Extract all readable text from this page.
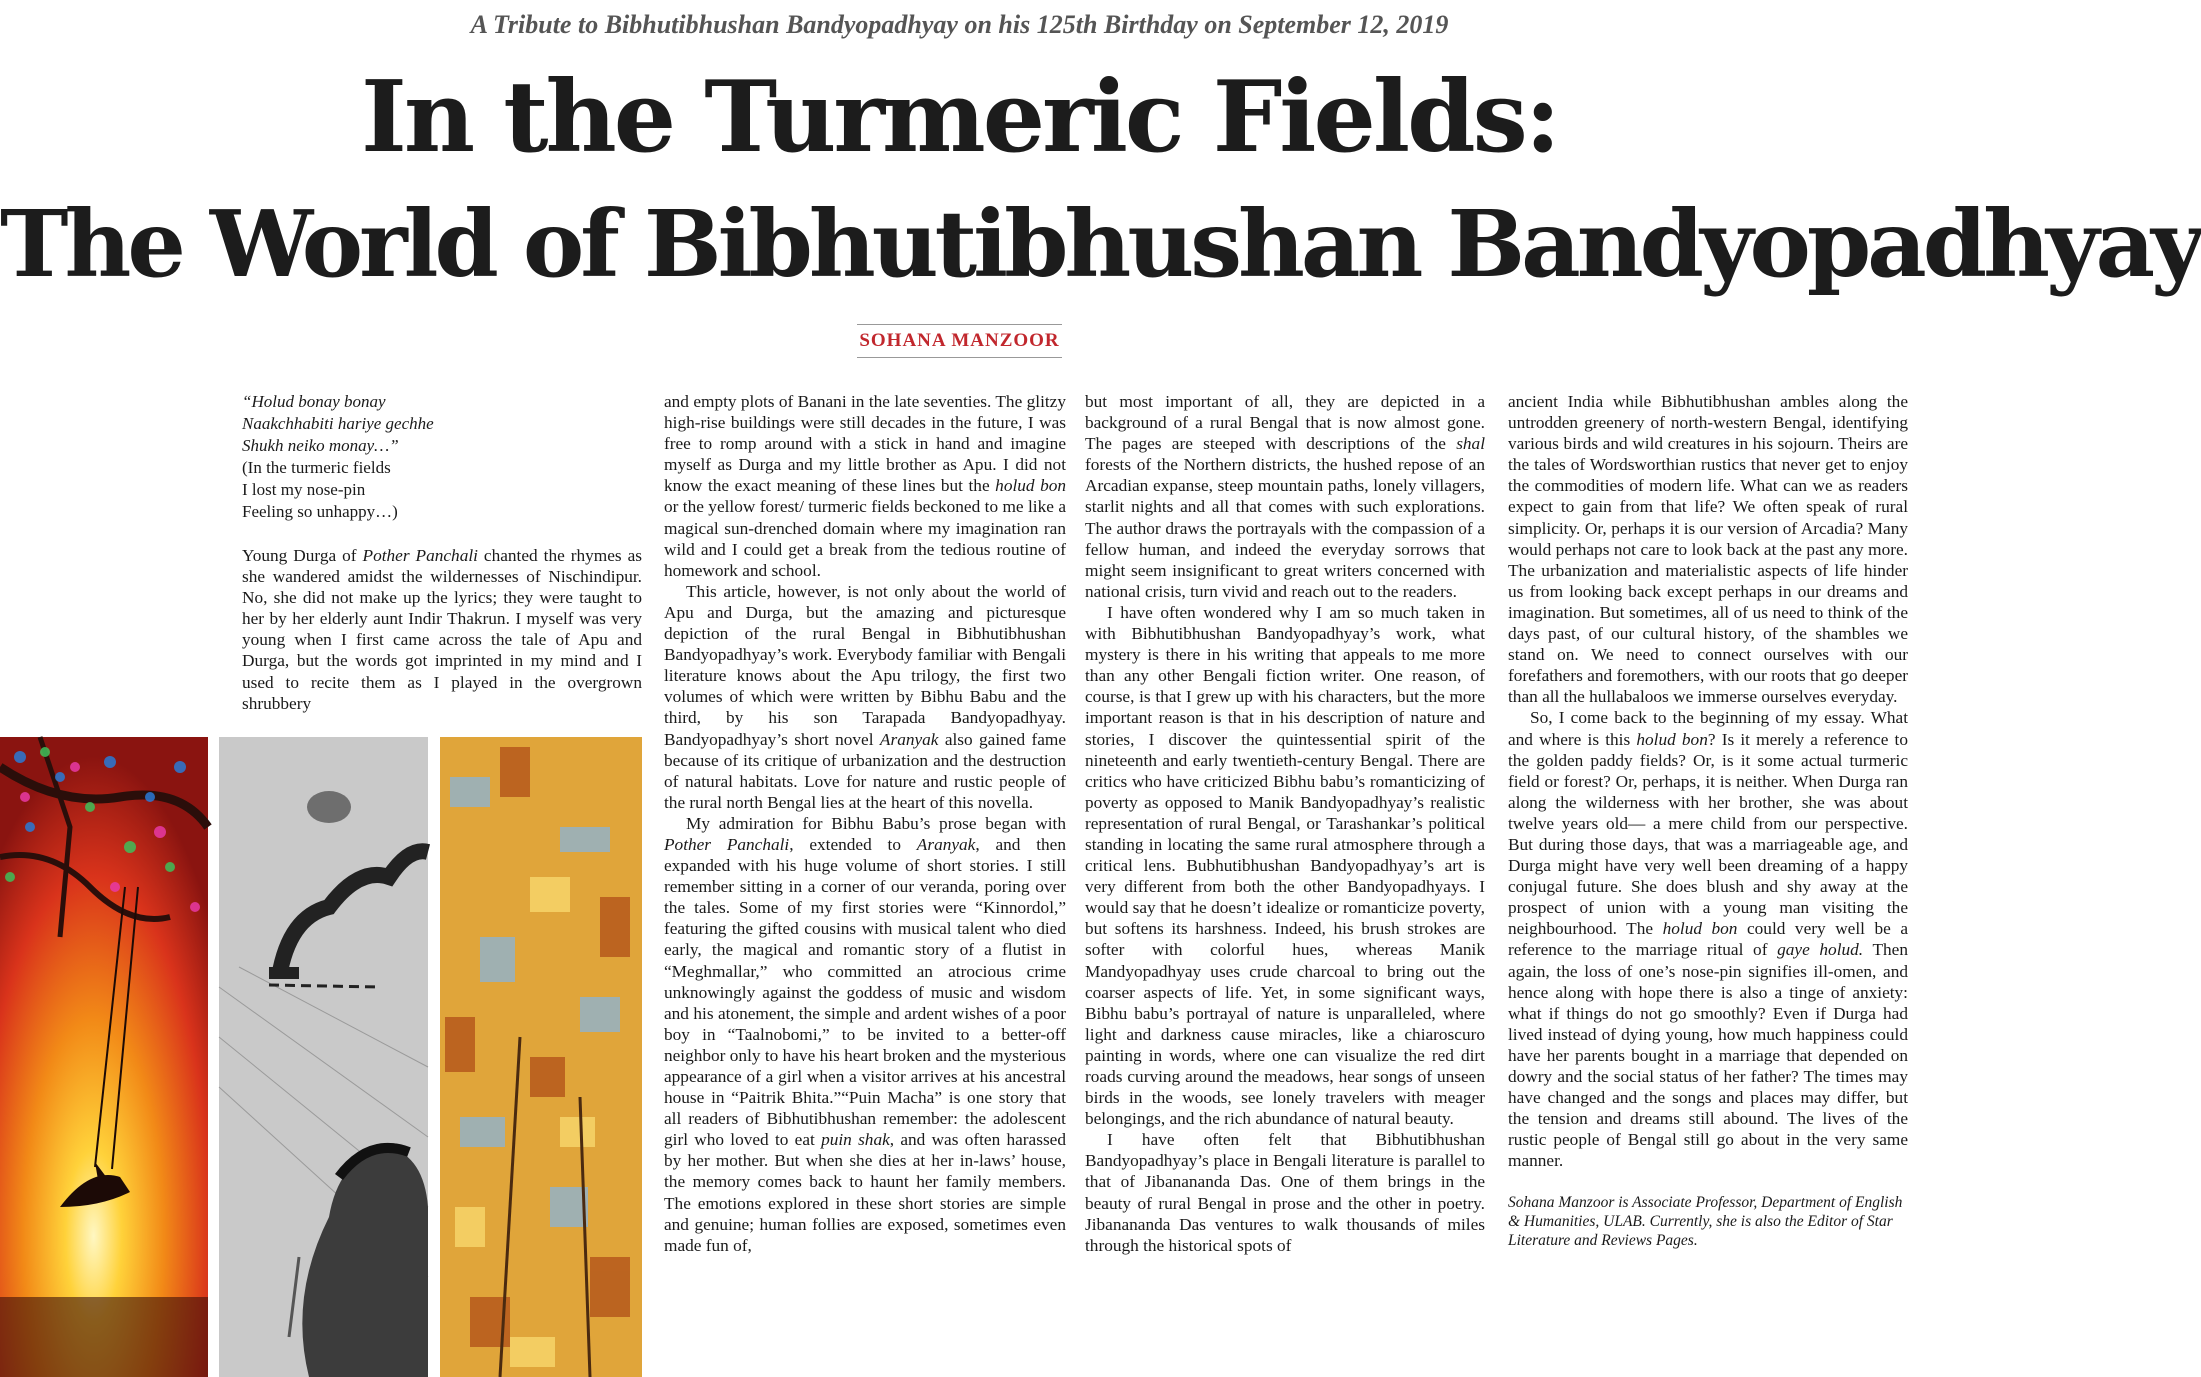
A Tribute to Bibhutibhushan Bandyopadhyay on his 125th Birthday on September 12, 2019
In the Turmeric Fields:
The World of Bibhutibhushan Bandyopadhyay
SOHANA MANZOOR
“Holud bonay bonay
Naakchhabiti hariye gechhe
Shukh neiko monay…”
(In the turmeric fields
I lost my nose-pin
Feeling so unhappy…)

Young Durga of Pother Panchali chanted the rhymes as she wandered amidst the wildernesses of Nischindipur. No, she did not make up the lyrics; they were taught to her by her elderly aunt Indir Thakrun. I myself was very young when I first came across the tale of Apu and Durga, but the words got imprinted in my mind and I used to recite them as I played in the overgrown shrubbery

and empty plots of Banani in the late seventies. The glitzy high-rise buildings were still decades in the future, I was free to romp around with a stick in hand and imagine myself as Durga and my little brother as Apu. I did not know the exact meaning of these lines but the holud bon or the yellow forest/ turmeric fields beckoned to me like a magical sun-drenched domain where my imagination ran wild and I could get a break from the tedious routine of homework and school.

This article, however, is not only about the world of Apu and Durga, but the amazing and picturesque depiction of the rural Bengal in Bibhutibhushan Bandyopadhyay’s work. Everybody familiar with Bengali literature knows about the Apu trilogy, the first two volumes of which were written by Bibhu Babu and the third, by his son Tarapada Bandyopadhyay. Bandyopadhyay’s short novel Aranyak also gained fame because of its critique of urbanization and the destruction of natural habitats. Love for nature and rustic people of the rural north Bengal lies at the heart of this novella.

My admiration for Bibhu Babu’s prose began with Pother Panchali, extended to Aranyak, and then expanded with his huge volume of short stories. I still remember sitting in a corner of our veranda, poring over the tales. Some of my first stories were “Kinnordol,” featuring the gifted cousins with musical talent who died early, the magical and romantic story of a flutist in “Meghmallar,” who committed an atrocious crime unknowingly against the goddess of music and wisdom and his atonement, the simple and ardent wishes of a poor boy in “Taalnobomi,” to be invited to a better-off neighbor only to have his heart broken and the mysterious appearance of a girl when a visitor arrives at his ancestral house in “Paitrik Bhita.”“Puin Macha” is one story that all readers of Bibhutibhushan remember: the adolescent girl who loved to eat puin shak, and was often harassed by her mother. But when she dies at her in-laws’ house, the memory comes back to haunt her family members. The emotions explored in these short stories are simple and genuine; human follies are exposed, sometimes even made fun of,

but most important of all, they are depicted in a background of a rural Bengal that is now almost gone. The pages are steeped with descriptions of the shal forests of the Northern districts, the hushed repose of an Arcadian expanse, steep mountain paths, lonely villagers, starlit nights and all that comes with such explorations. The author draws the portrayals with the compassion of a fellow human, and indeed the everyday sorrows that might seem insignificant to great writers concerned with national crisis, turn vivid and reach out to the readers.

I have often wondered why I am so much taken in with Bibhutibhushan Bandyopadhyay’s work, what mystery is there in his writing that appeals to me more than any other Bengali fiction writer. One reason, of course, is that I grew up with his characters, but the more important reason is that in his description of nature and stories, I discover the quintessential spirit of the nineteenth and early twentieth-century Bengal. There are critics who have criticized Bibhu babu’s romanticizing of poverty as opposed to Manik Bandyopadhyay’s realistic representation of rural Bengal, or Tarashankar’s political standing in locating the same rural atmosphere through a critical lens. Bubhutibhushan Bandyopadhyay’s art is very different from both the other Bandyopadhyays. I would say that he doesn’t idealize or romanticize poverty, but softens its harshness. Indeed, his brush strokes are softer with colorful hues, whereas Manik Mandyopadhyay uses crude charcoal to bring out the coarser aspects of life. Yet, in some significant ways, Bibhu babu’s portrayal of nature is unparalleled, where light and darkness cause miracles, like a chiaroscuro painting in words, where one can visualize the red dirt roads curving around the meadows, hear songs of unseen birds in the woods, see lonely travelers with meager belongings, and the rich abundance of natural beauty.

I have often felt that Bibhutibhushan Bandyopadhyay’s place in Bengali literature is parallel to that of Jibanananda Das. One of them brings in the beauty of rural Bengal in prose and the other in poetry. Jibanananda Das ventures to walk thousands of miles through the historical spots of

ancient India while Bibhutibhushan ambles along the untrodden greenery of north-western Bengal, identifying various birds and wild creatures in his sojourn. Theirs are the tales of Wordsworthian rustics that never get to enjoy the commodities of modern life. What can we as readers expect to gain from that life? We often speak of rural simplicity. Or, perhaps it is our version of Arcadia? Many would perhaps not care to look back at the past any more. The urbanization and materialistic aspects of life hinder us from looking back except perhaps in our dreams and imagination. But sometimes, all of us need to think of the days past, of our cultural history, of the shambles we stand on. We need to connect ourselves with our forefathers and foremothers, with our roots that go deeper than all the hullabaloos we immerse ourselves everyday.

So, I come back to the beginning of my essay. What and where is this holud bon? Is it merely a reference to the golden paddy fields? Or, is it some actual turmeric field or forest? Or, perhaps, it is neither. When Durga ran along the wilderness with her brother, she was about twelve years old— a mere child from our perspective. But during those days, that was a marriageable age, and Durga might have very well been dreaming of a happy conjugal future. She does blush and shy away at the prospect of union with a young man visiting the neighbourhood. The holud bon could very well be a reference to the marriage ritual of gaye holud. Then again, the loss of one’s nose-pin signifies ill-omen, and hence along with hope there is also a tinge of anxiety: what if things do not go smoothly? Even if Durga had lived instead of dying young, how much happiness could have her parents bought in a marriage that depended on dowry and the social status of her father? The times may have changed and the songs and places may differ, but the tension and dreams still abound. The lives of the rustic people of Bengal still go about in the very same manner.

Sohana Manzoor is Associate Professor, Department of English & Humanities, ULAB. Currently, she is also the Editor of Star Literature and Reviews Pages.
